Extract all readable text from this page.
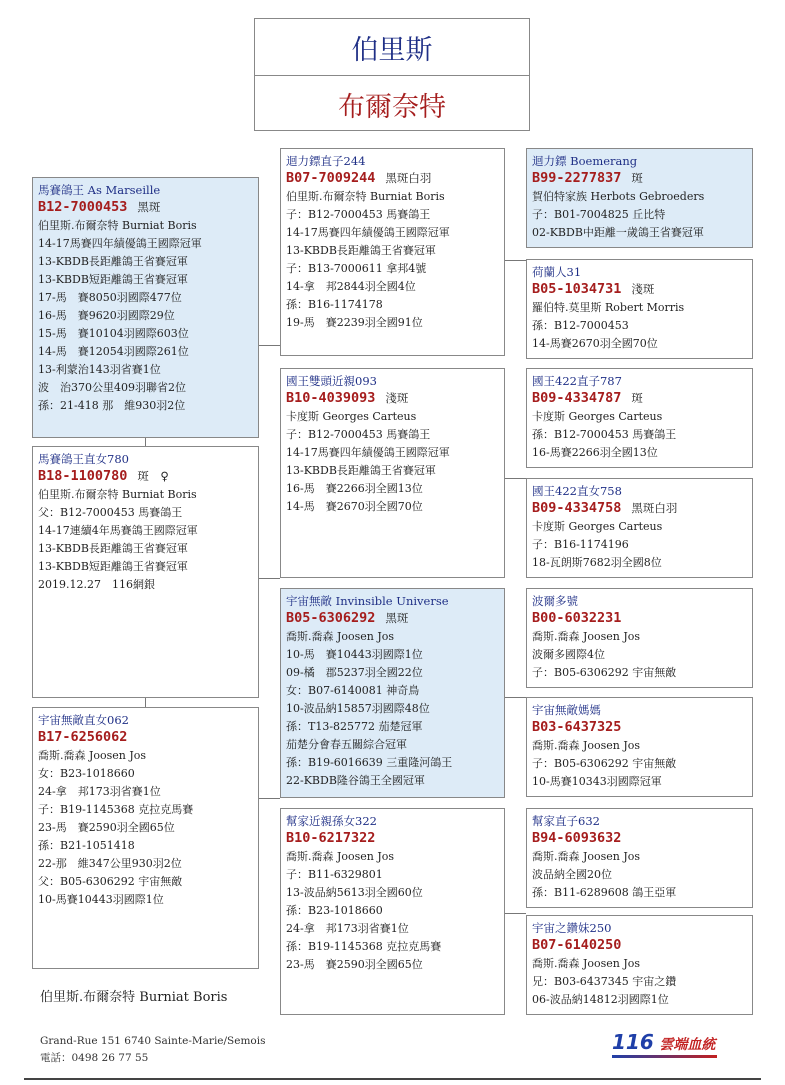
伯里斯
布爾奈特
馬賽鴿王 As Marseille
B12-7000453 黑斑
伯里斯.布爾奈特 Burniat Boris
14-17馬賽四年績優鴿王國際冠軍
13-KBDB長距離鴿王省賽冠軍
13-KBDB短距離鴿王省賽冠軍
17-馬　賽8050羽國際477位
16-馬　賽9620羽國際29位
15-馬　賽10104羽國際603位
14-馬　賽12054羽國際261位
13-利蒙治143羽省賽1位
波　治370公里409羽聯省2位
孫：21-418 那　維930羽2位
迴力鏢直子244
B07-7009244 黑斑白羽
伯里斯.布爾奈特 Burniat Boris
子：B12-7000453 馬賽鴿王
14-17馬賽四年績優鴿王國際冠軍
13-KBDB長距離鴿王省賽冠軍
子：B13-7000611 拿邦4號
14-拿　邦2844羽全國4位
孫：B16-1174178
19-馬　賽2239羽全國91位
迴力鏢 Boemerang
B99-2277837 斑
賀伯特家族 Herbots Gebroeders
子：B01-7004825 丘比特
02-KBDB中距離一歲鴿王省賽冠軍
荷蘭人31
B05-1034731 淺斑
羅伯特.莫里斯 Robert Morris
孫：B12-7000453
14-馬賽2670羽全國70位
國王雙頭近親093
B10-4039093 淺斑
卡度斯 Georges Carteus
子：B12-7000453 馬賽鴿王
14-17馬賽四年績優鴿王國際冠軍
13-KBDB長距離鴿王省賽冠軍
16-馬　賽2266羽全國13位
14-馬　賽2670羽全國70位
國王422直子787
B09-4334787 斑
卡度斯 Georges Carteus
孫：B12-7000453 馬賽鴿王
16-馬賽2266羽全國13位
國王422直女758
B09-4334758 黑斑白羽
卡度斯 Georges Carteus
子：B16-1174196
18-瓦朗斯7682羽全國8位
馬賽鴿王直女780
B18-1100780 斑　♀
伯里斯.布爾奈特 Burniat Boris
父：B12-7000453 馬賽鴿王
14-17連續4年馬賽鴿王國際冠軍
13-KBDB長距離鴿王省賽冠軍
13-KBDB短距離鴿王省賽冠軍
2019.12.27　116網銀
宇宙無敵 Invinsible Universe
B05-6306292 黑斑
喬斯.喬森 Joosen Jos
10-馬　賽10443羽國際1位
09-橘　郡5237羽全國22位
女：B07-6140081 神奇鳥
10-波品納15857羽國際48位
孫：T13-825772 茄楚冠軍
茄楚分會春五關綜合冠軍
孫：B19-6016639 三重隆河鴿王
22-KBDB隆谷鴿王全國冠軍
波爾多號
B00-6032231
喬斯.喬森 Joosen Jos
波爾多國際4位
子：B05-6306292 宇宙無敵
宇宙無敵媽媽
B03-6437325
喬斯.喬森 Joosen Jos
子：B05-6306292 宇宙無敵
10-馬賽10343羽國際冠軍
宇宙無敵直女062
B17-6256062
喬斯.喬森 Joosen Jos
女：B23-1018660
24-拿　邦173羽省賽1位
子：B19-1145368 克拉克馬賽
23-馬　賽2590羽全國65位
孫：B21-1051418
22-那　維347公里930羽2位
父：B05-6306292 宇宙無敵
10-馬賽10443羽國際1位
幫家近親孫女322
B10-6217322
喬斯.喬森 Joosen Jos
子：B11-6329801
13-波品納5613羽全國60位
孫：B23-1018660
24-拿　邦173羽省賽1位
孫：B19-1145368 克拉克馬賽
23-馬　賽2590羽全國65位
幫家直子632
B94-6093632
喬斯.喬森 Joosen Jos
波品納全國20位
孫：B11-6289608 鴿王亞軍
宇宙之鑽妹250
B07-6140250
喬斯.喬森 Joosen Jos
兄：B03-6437345 宇宙之鑽
06-波品納14812羽國際1位
伯里斯.布爾奈特 Burniat Boris
Grand-Rue 151 6740 Sainte-Marie/Semois
電話：0498 26 77 55
116 雲端血統
